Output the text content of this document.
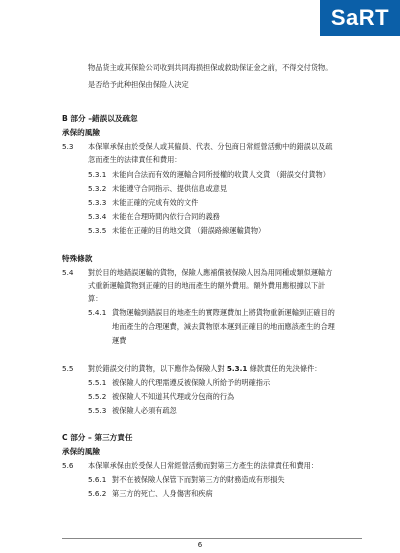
SaRT
物品货主或其保险公司收到共同海损担保或救助保证金之前，不得交付货物。
是否给予此种担保由保险人决定
B 部分 –錯誤以及疏忽
承保的風險
5.3 本保單承保由於受保人或其僱員、代表、分包商日常經營活動中的錯誤以及疏
忽而產生的法律責任和費用：
5.3.1 未能向合法而有效的運輸合同所授權的收貨人交貨 （錯誤交付貨物）
5.3.2 未能遵守合同指示、提供信息或意見
5.3.3 未能正確的完成有效的文件
5.3.4 未能在合理時間內依行合同的義務
5.3.5 未能在正確的目的地交貨 （錯誤路線運輸貨物）
特殊條款
5.4 對於目的地錯誤運輸的貨物，保險人應補償被保險人因為用同種或類似運輸方
式重新運輸貨物到正確的目的地而產生的額外費用。額外費用應根據以下計
算：
5.4.1 貨物運輸到錯誤目的地產生的實際運費加上將貨物重新運輸到正確目的
地而產生的合理運費，減去貨物原本運到正確目的地而應該產生的合理
運費
5.5 對於錯誤交付的貨物，以下應作為保險人對 5.3.1 條款責任的先決條件：
5.5.1 被保險人的代理需遵反被保險人所給予的明確指示
5.5.2 被保險人不知道其代理或分包商的行為
5.5.3 被保險人必須有疏忽
C 部分 – 第三方責任
承保的風險
5.6 本保單承保由於受保人日常經營活動而對第三方產生的法律責任和費用：
5.6.1 對不在被保險人保管下而對第三方的財務造成有形損失
5.6.2 第三方的死亡、人身傷害和疾病
6
